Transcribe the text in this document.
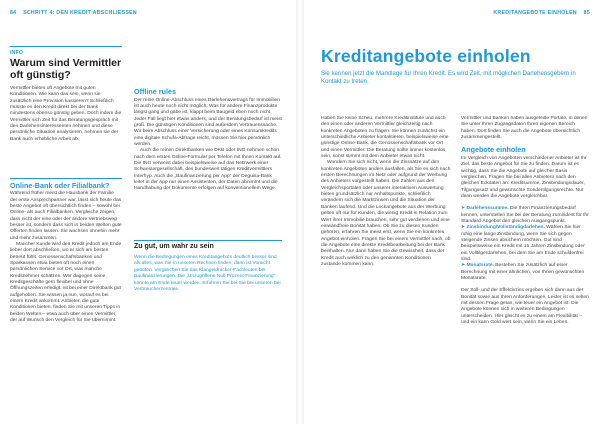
84 SCHRITT 4: DEN KREDIT ABSCHLIESSEN
INFO
Warum sind Vermittler oft günstig?
Vermittler bieten oft Angebote mit guten Konditionen. Wie kann das sein, wenn sie zusätzlich eine Provision kassieren? Schließlich müsste es den Kredit direkt bei der Bank mindestens ebenso günstig geben. Doch indem die Vermittler sich Zeit für das Beratungsgespräch mit den Darlehensinteressenten nehmen und diese persönliche Situation analysieren, nehmen sie der Bank auch erhebliche Arbeit ab.
Online-Bank oder Filialbank?

Während früher meist die Hausbank der Familie der erste Ansprechpartner war, lässt sich heute das beste Angebot oft übersichtlich finden – sowohl bei Online- als auch Filialbanken. Vergleiche zeigen, dass nicht der eine oder der andere Vertriebsweg besser ist, sondern dass sich in beiden Welten gute Offerten finden lassen. Sie wachsen ohnehin mehr und mehr zusammen.

Mancher Kunde wird den Kredit jedoch am Ende lieber dort abschließen, wo er sich am besten betreut fühlt. Genossenschaftsbanken und Sparkassen etwa bieten oft noch einen persönlichen Service vor Ort, was manche Kreditnehmer schätzen. Wer dagegen seine Kreditgeschäfte gern flexibel und ohne Öffnungszeiten erledigt, ist bei einer Direktbank gut aufgehoben. Sie wissen ja nun, worauf es bei einem Kredit ankommt. Anbieter, die gute Konditionen bieten, finden Sie mit unseren Tipps in beiden Welten – etwa auch über einen Vermittler, der auf Wunsch den Vergleich für Sie übernimmt.

Offline rules

Der reine Online-Abschluss eines Darlehensvertrags für Immobilien ist auch heute noch nicht möglich. Was für andere Finanzprodukte längst gang und gäbe ist, klappt beim Baugeld eben noch nicht. Jeder Fall liegt hier etwas anders, und der Beratungsbedarf ist meist groß. Die günstigen Konditionen sind außerdem Vertrauenssache. Wir beim Abschluss einer Versicherung oder eines Konsumkredits eine digitale Schufa-Abfrage reicht, müssen Sie hier persönlich werden.

Auch die reinen Direktbanken wie DKB oder ING nehmen schon nach dem ersten Online-Formular per Telefon mit Ihnen Kontakt auf. Die ING verweist dabei beispielsweise auf das Netzwerk einer Schwestergesellschaft, des bundesweit tätigen Kreditvermittlers Interhyp. Auch die „Baufinanzierung per App“ der Deguisa-Bank leitet in der App nur einen Assistenten, der Daten abnimmt und die Handhabung der Dokumente erfolgen auf konventionellem Wege.

Zu gut, um wahr zu sein
Wenn die Bedingungen eines Kreditangebots deutlich besser sind als alles, was Sie in unseren Rechnen finden, dann ist Vorsicht geboten. Vergleichen Sie das Klangeldrucker-Fachleuten bei Baufinanzierungen. Die „Unzugriffene Null-Prozent-Finanzierung“ könnte am Ende teuer werden. Erfahren Sie bei Sie bei unseren bei Verbraucherzentrale.
KREDITANGEBOTE EINHOLEN 85
Kreditangebote einholen
Sie kennen jetzt die Marktlage für Ihren Kredit. Es wird Zeit, mit möglichen Darlehensgebern in Kontakt zu treten.

Haben Sie keine Scheu, mehrere Kreditinstitute und auch den einen oder anderen Vermittler gleichzeitig nach konkreten Angeboten zu fragen. Sie können zunächst ein unterschiedliche Anbieter kontaktieren, beispielsweise eine günstige Online-Bank, die Genossenschaftsbank vor Ort und einen Vermittler. Die Beratung sollte immer kostenlos sein, sonst stimmt mit dem Anbieter etwas nicht.

Wundern Sie sich nicht, wenn die Zinssätze auf den konkreten Angeboten anders ausfallen, als Sie es sich nach ersten Berechnungen im Netz oder aufgrund der Werbung des Anbieters vorgestellt haben. Die Zahlen aus den Vergleichsportalen oder unserer interaktiven Auswertung bieten grundsätzlich nur Anhaltspunkte, schließlich verändern sich die Marktzinsen und die Situation der Banken laufend. Und die Lockangebote aus der Werbung gelten oft nur für Kunden, die wenig Kredit in Relation zum Wert ihrer Immobilie brauchen, sehr gut verdienen und eine einwandfreie Bonität haben. Ob Sie zu diesen Kunden gehören, erfahren Sie meist erst, wenn Sie ein konkretes Angebot einholen. Fragen Sie bei einem Vermittler nach, ob die Angebote eine direkte Kreditbearbeitung bei der Bank beinhalten. Nur dann haben Sie die Gewissheit, dass der Kredit auch wirklich zu den genannten Konditionen zustande kommen kann.

Vermittler und Banken haben ausgefeilte Portale, in denen Sie unter Ihren Zugangsdaten Ihren eigenen Bereich haben. Dort finden Sie auch die Angebote übersichtlich zusammengestellt.

Angebote einholen

Im Vergleich von Angeboten verschiedener Anbieter ist Ihr Ziel, das beste Angebot für Sie zu finden. Darum ist es wichtig, dass Sie die Angebote auf gleicher Basis vergleichen. Fragen Sie bei allen Anbietern nach den gleichen Eckdaten an: Kreditsumme, Zinsbindungsdauer, Tilgungssatz und gewünschte Sondertilgungsrechte. Nur dann werden die Angebote vergleichbar.

➤ Darlehenssumme. Die Ihren Finanzierungsbedarf kennen, unterstellen Sie bei der Beratung zumindest für Ihr Standard-Angebot den gleichen Ausgangspunkt.

➤ Zinsbindung/Vollständigdarlehen. Wählen Sie hier ruhig eine lange Zinsbindung, wenn Sie sich gegen steigende Zinsen absichern möchten. Gut sind beispielsweise ein Kredit mit 15 Jahren Zinsbindung oder ein Volltilgerdarlehen, bei dem Sie am Ende schuldenfrei sind.

➤ Monatsrate. Bestehen Sie zusätzlich auf einer Berechnung mit einer ähnlichen, von Ihnen gewünschten Monatsrate.

Der Soll- und der Effektivzins ergeben sich dann aus der Bonität sowie aus Ihren Anforderungen. Leider ist es selten mit dessen Frage getan, wie teuer ein Angebot ist. Die Angebote können sich in weiteren Bedingungen unterscheiden. Hier gleicht es zu einem am Flexibilität – und ein kann Gold wert sein, wenn Sie ein Leben.
